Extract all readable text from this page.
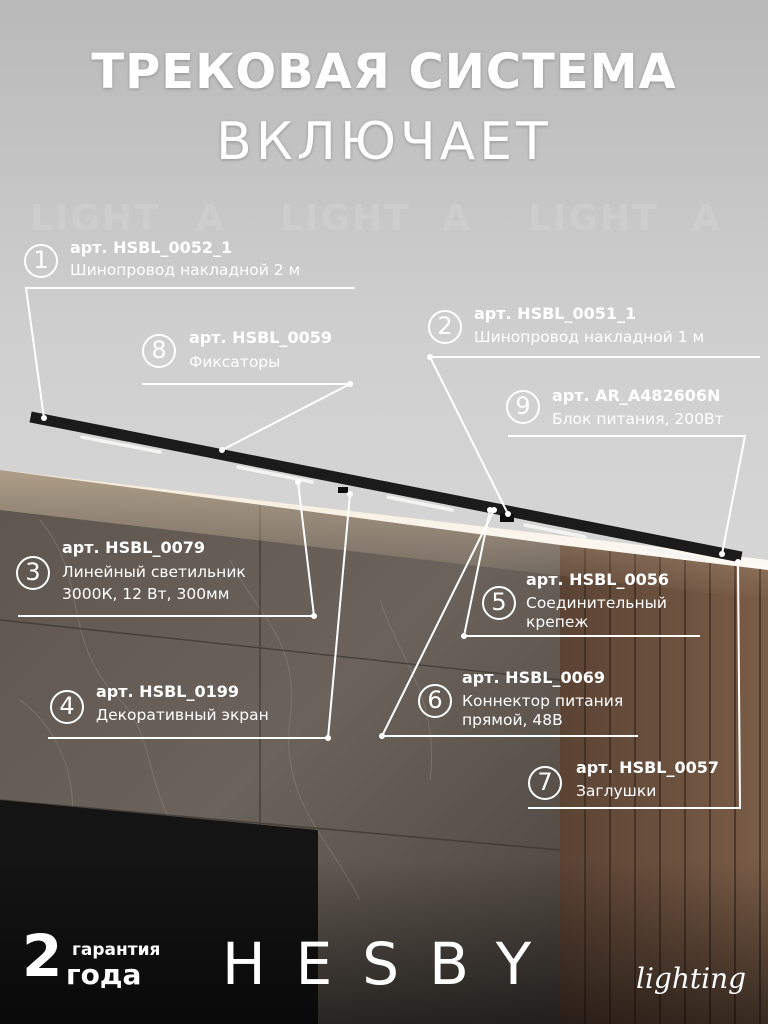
ТРЕКОВАЯ СИСТЕМА
ВКЛЮЧАЕТ
LIGHT A LIGHT A LIGHT A
1	арт. HSBL_0052_1
Шинопровод накладной 2 м
8	арт. HSBL_0059
Фиксаторы
2	арт. HSBL_0051_1
Шинопровод накладной 1 м
9	арт. AR_A482606N
Блок питания, 200Вт
3
арт. HSBL_0079
Линейный светильник
3000К, 12 Вт, 300мм
4
арт. HSBL_0199
Декоративный экран
5
арт. HSBL_0056
Соединительный
крепеж
6
арт. HSBL_0069
Коннектор питания
прямой, 48В
7
арт. HSBL_0057
Заглушки
2 гарантия
года HESBY	lighting
